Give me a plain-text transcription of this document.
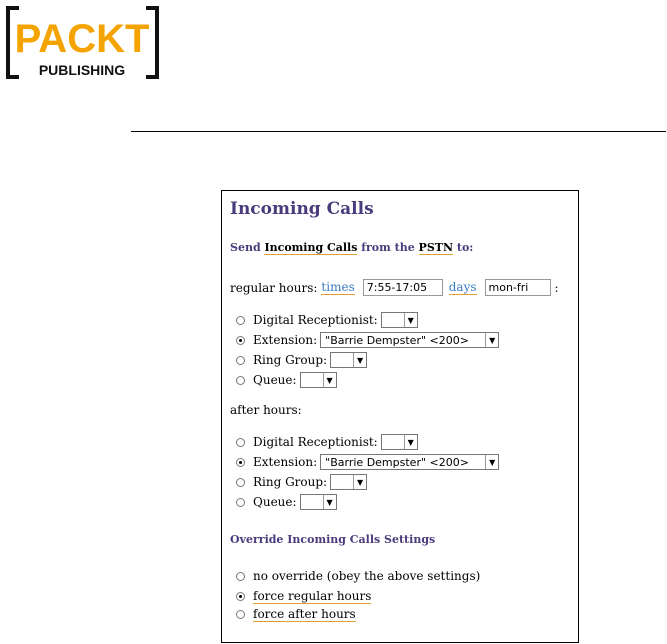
PACKT
PUBLISHING
Incoming Calls
Send Incoming Calls from the PSTN to:
regular hours: times	7:55-17:05	days	mon-fri	:
Digital Receptionist:	▼
Extension: "Barrie Dempster" <200>	▼
Ring Group:	▼
Queue:	▼
after hours:
Digital Receptionist:	▼
Extension: "Barrie Dempster" <200>	▼
Ring Group:	▼
Queue:	▼
Override Incoming Calls Settings
no override (obey the above settings)
force regular hours
force after hours
